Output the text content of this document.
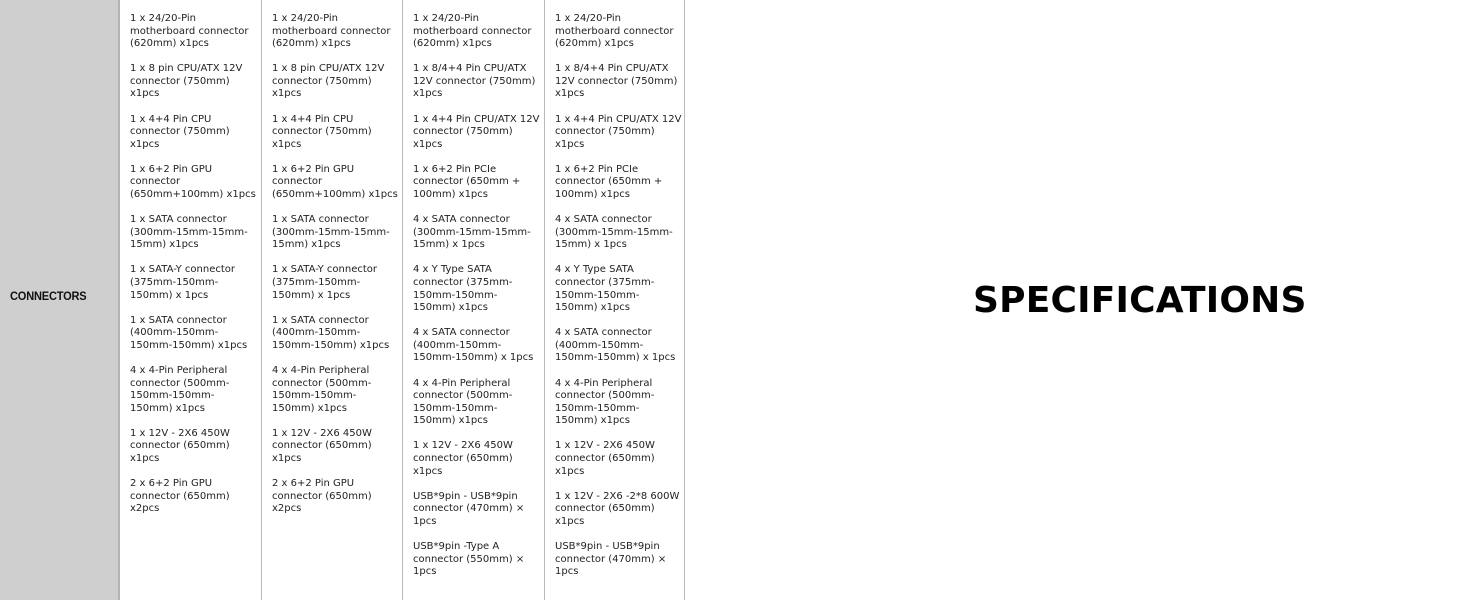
CONNECTORS
1 x 24/20-Pin
motherboard connector
(620mm) x1pcs
1 x 8 pin CPU/ATX 12V
connector (750mm)
x1pcs
1 x 4+4 Pin CPU
connector (750mm)
x1pcs
1 x 6+2 Pin GPU
connector
(650mm+100mm) x1pcs
1 x SATA connector
(300mm-15mm-15mm-
15mm) x1pcs
1 x SATA-Y connector
(375mm-150mm-
150mm) x 1pcs
1 x SATA connector
(400mm-150mm-
150mm-150mm) x1pcs
4 x 4-Pin Peripheral
connector (500mm-
150mm-150mm-
150mm) x1pcs
1 x 12V - 2X6 450W
connector (650mm)
x1pcs
2 x 6+2 Pin GPU
connector (650mm)
x2pcs
1 x 24/20-Pin
motherboard connector
(620mm) x1pcs
1 x 8 pin CPU/ATX 12V
connector (750mm)
x1pcs
1 x 4+4 Pin CPU
connector (750mm)
x1pcs
1 x 6+2 Pin GPU
connector
(650mm+100mm) x1pcs
1 x SATA connector
(300mm-15mm-15mm-
15mm) x1pcs
1 x SATA-Y connector
(375mm-150mm-
150mm) x 1pcs
1 x SATA connector
(400mm-150mm-
150mm-150mm) x1pcs
4 x 4-Pin Peripheral
connector (500mm-
150mm-150mm-
150mm) x1pcs
1 x 12V - 2X6 450W
connector (650mm)
x1pcs
2 x 6+2 Pin GPU
connector (650mm)
x2pcs
1 x 24/20-Pin
motherboard connector
(620mm) x1pcs
1 x 8/4+4 Pin CPU/ATX
12V connector (750mm)
x1pcs
1 x 4+4 Pin CPU/ATX 12V
connector (750mm)
x1pcs
1 x 6+2 Pin PCIe
connector (650mm +
100mm) x1pcs
4 x SATA connector
(300mm-15mm-15mm-
15mm) x 1pcs
4 x Y Type SATA
connector (375mm-
150mm-150mm-
150mm) x1pcs
4 x SATA connector
(400mm-150mm-
150mm-150mm) x 1pcs
4 x 4-Pin Peripheral
connector (500mm-
150mm-150mm-
150mm) x1pcs
1 x 12V - 2X6 450W
connector (650mm)
x1pcs
USB*9pin - USB*9pin
connector (470mm) ×
1pcs
USB*9pin -Type A
connector (550mm) ×
1pcs
1 x 24/20-Pin
motherboard connector
(620mm) x1pcs
1 x 8/4+4 Pin CPU/ATX
12V connector (750mm)
x1pcs
1 x 4+4 Pin CPU/ATX 12V
connector (750mm)
x1pcs
1 x 6+2 Pin PCIe
connector (650mm +
100mm) x1pcs
4 x SATA connector
(300mm-15mm-15mm-
15mm) x 1pcs
4 x Y Type SATA
connector (375mm-
150mm-150mm-
150mm) x1pcs
4 x SATA connector
(400mm-150mm-
150mm-150mm) x 1pcs
4 x 4-Pin Peripheral
connector (500mm-
150mm-150mm-
150mm) x1pcs
1 x 12V - 2X6 450W
connector (650mm)
x1pcs
1 x 12V - 2X6 -2*8 600W
connector (650mm)
x1pcs
USB*9pin - USB*9pin
connector (470mm) ×
1pcs
SPECIFICATIONS
